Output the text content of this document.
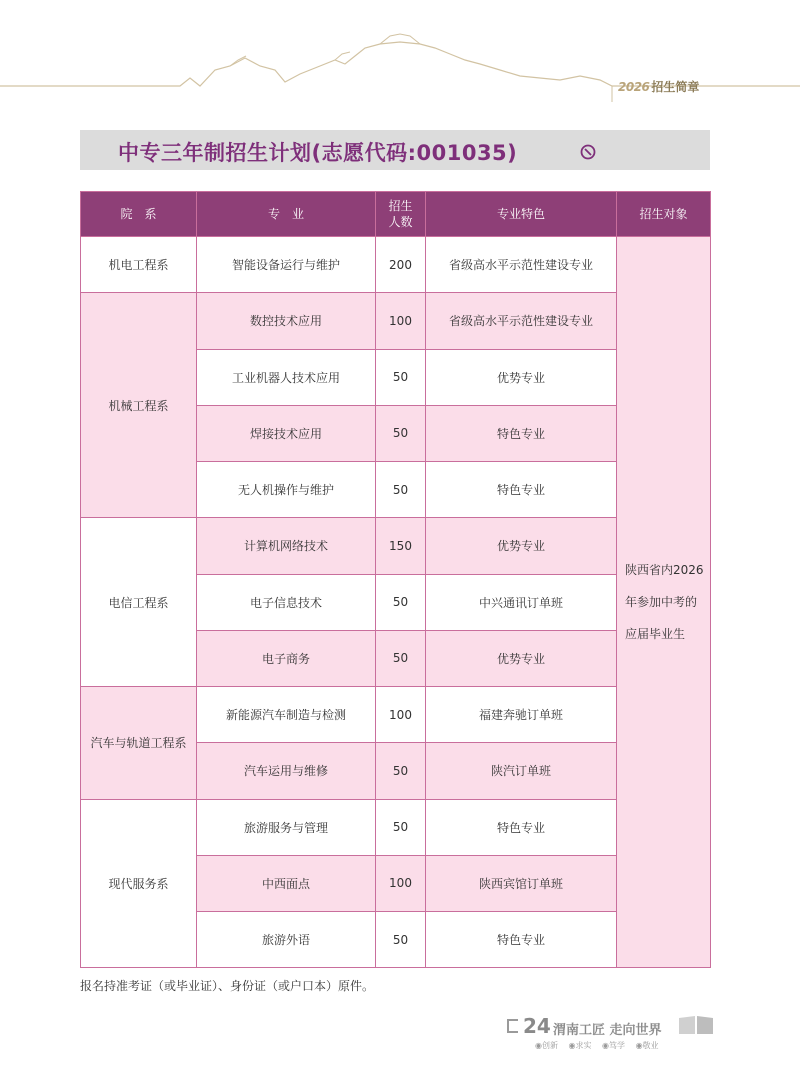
2026 招生简章
中专三年制招生计划(志愿代码:001035)
院　系	专　业	招生
人数	专业特色	招生对象
机电工程系	智能设备运行与维护	200	省级高水平示范性建设专业	陕西省内2026
年参加中考的
应届毕业生
机械工程系	数控技术应用	100	省级高水平示范性建设专业	
	工业机器人技术应用	50	优势专业	
	焊接技术应用	50	特色专业	
	无人机操作与维护	50	特色专业	
电信工程系	计算机网络技术	150	优势专业	
	电子信息技术	50	中兴通讯订单班	
	电子商务	50	优势专业	
汽车与轨道工程系	新能源汽车制造与检测	100	福建奔驰订单班	
	汽车运用与维修	50	陕汽订单班	
现代服务系	旅游服务与管理	50	特色专业	
	中西面点	100	陕西宾馆订单班	
	旅游外语	50	特色专业	
报名持准考证（或毕业证）、身份证（或户口本）原件。
24 渭南工匠 走向世界
◉创新 ◉求实 ◉笃学 ◉敬业
